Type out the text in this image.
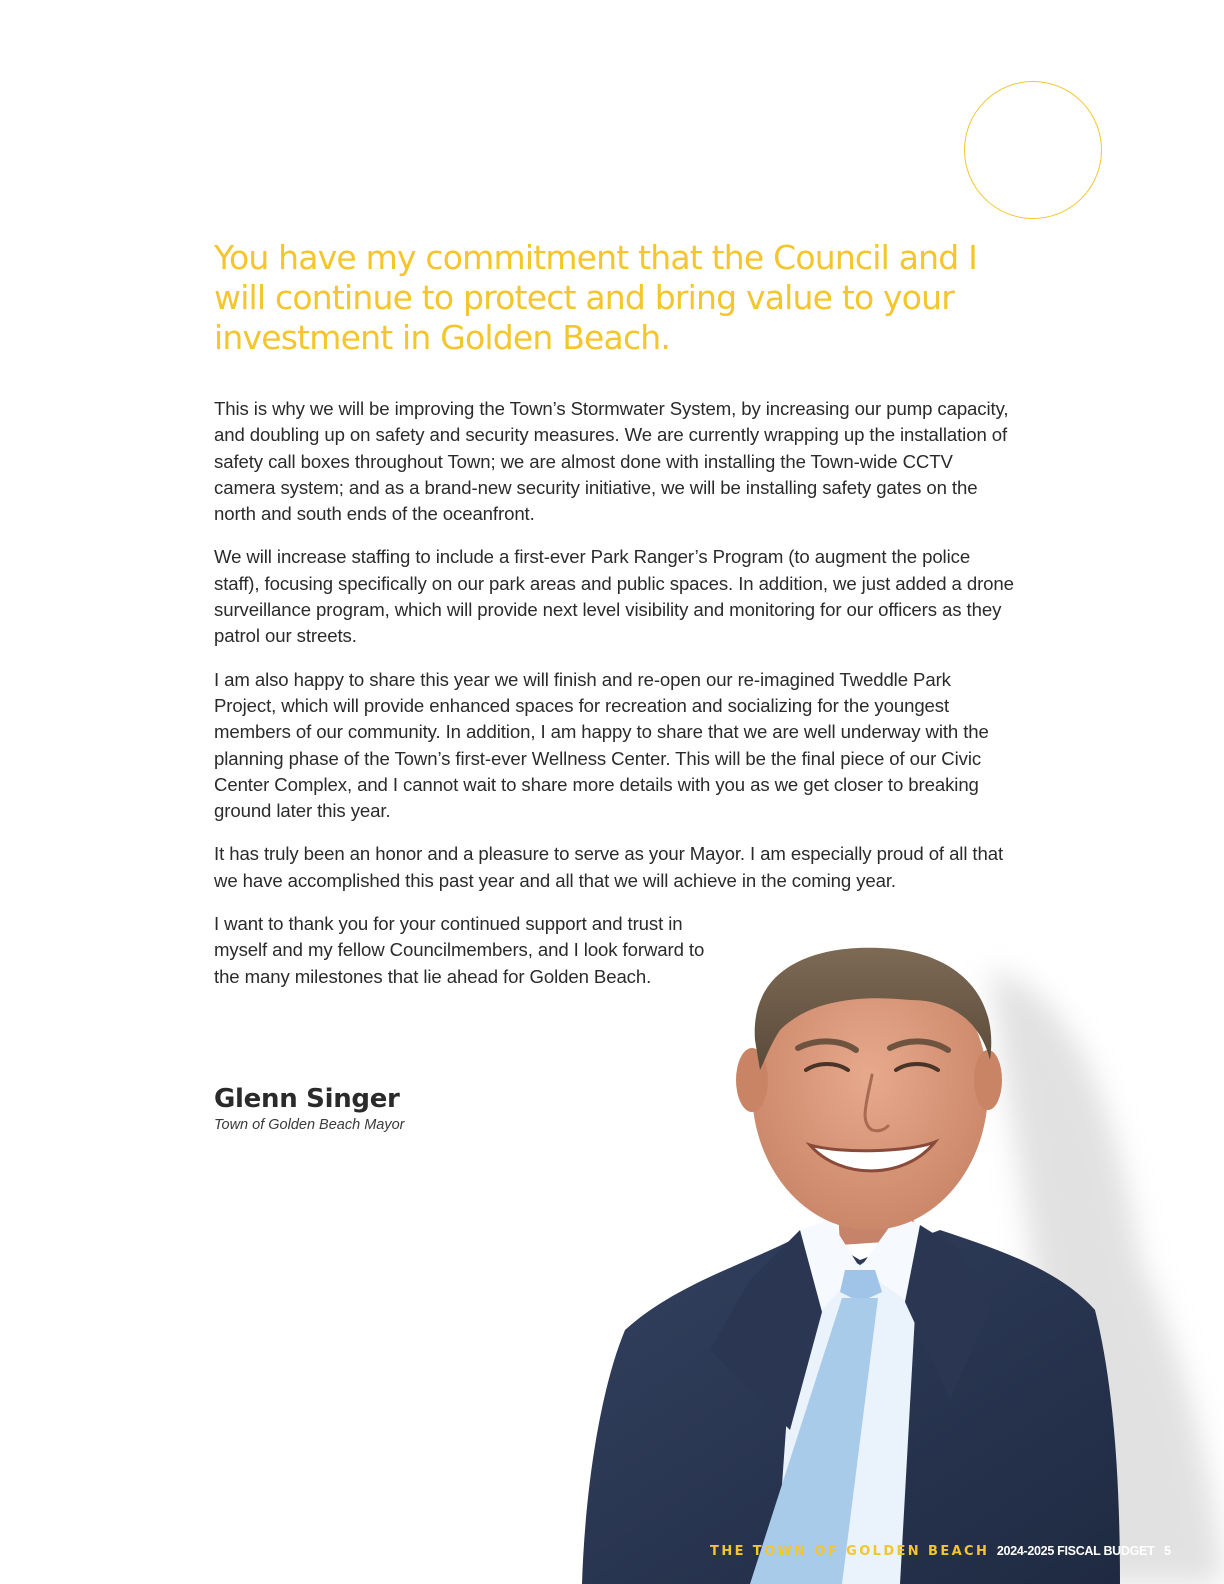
You have my commitment that the Council and I will continue to protect and bring value to your investment in Golden Beach.

This is why we will be improving the Town’s Stormwater System, by increasing our pump capacity, and doubling up on safety and security measures. We are currently wrapping up the installation of safety call boxes throughout Town; we are almost done with installing the Town-wide CCTV camera system; and as a brand-new security initiative, we will be installing safety gates on the north and south ends of the oceanfront.

We will increase staffing to include a first-ever Park Ranger’s Program (to augment the police staff), focusing specifically on our park areas and public spaces. In addition, we just added a drone surveillance program, which will provide next level visibility and monitoring for our officers as they patrol our streets.

I am also happy to share this year we will finish and re-open our re-imagined Tweddle Park Project, which will provide enhanced spaces for recreation and socializing for the youngest members of our community. In addition, I am happy to share that we are well underway with the planning phase of the Town’s first-ever Wellness Center. This will be the final piece of our Civic Center Complex, and I cannot wait to share more details with you as we get closer to breaking ground later this year.

It has truly been an honor and a pleasure to serve as your Mayor. I am especially proud of all that we have accomplished this past year and all that we will achieve in the coming year.

I want to thank you for your continued support and trust in myself and my fellow Councilmembers, and I look forward to the many milestones that lie ahead for Golden Beach.

Glenn Singer
Town of Golden Beach Mayor
THE TOWN OF GOLDEN BEACH 2024-2025 FISCAL BUDGET 5
